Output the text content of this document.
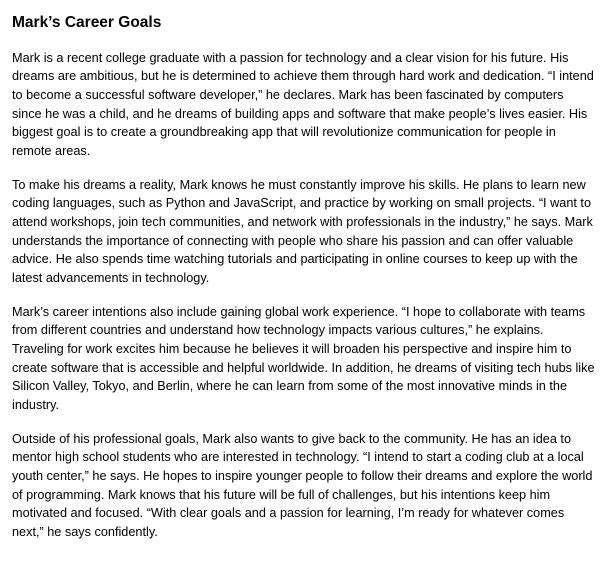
Mark’s Career Goals

Mark is a recent college graduate with a passion for technology and a clear vision for his future. His dreams are ambitious, but he is determined to achieve them through hard work and dedication. “I intend to become a successful software developer,” he declares. Mark has been fascinated by computers since he was a child, and he dreams of building apps and software that make people’s lives easier. His biggest goal is to create a groundbreaking app that will revolutionize communication for people in remote areas.

To make his dreams a reality, Mark knows he must constantly improve his skills. He plans to learn new coding languages, such as Python and JavaScript, and practice by working on small projects. “I want to attend workshops, join tech communities, and network with professionals in the industry,” he says. Mark understands the importance of connecting with people who share his passion and can offer valuable advice. He also spends time watching tutorials and participating in online courses to keep up with the latest advancements in technology.

Mark’s career intentions also include gaining global work experience. “I hope to collaborate with teams from different countries and understand how technology impacts various cultures,” he explains. Traveling for work excites him because he believes it will broaden his perspective and inspire him to create software that is accessible and helpful worldwide. In addition, he dreams of visiting tech hubs like Silicon Valley, Tokyo, and Berlin, where he can learn from some of the most innovative minds in the industry.

Outside of his professional goals, Mark also wants to give back to the community. He has an idea to mentor high school students who are interested in technology. “I intend to start a coding club at a local youth center,” he says. He hopes to inspire younger people to follow their dreams and explore the world of programming. Mark knows that his future will be full of challenges, but his intentions keep him motivated and focused. “With clear goals and a passion for learning, I’m ready for whatever comes next,” he says confidently.
